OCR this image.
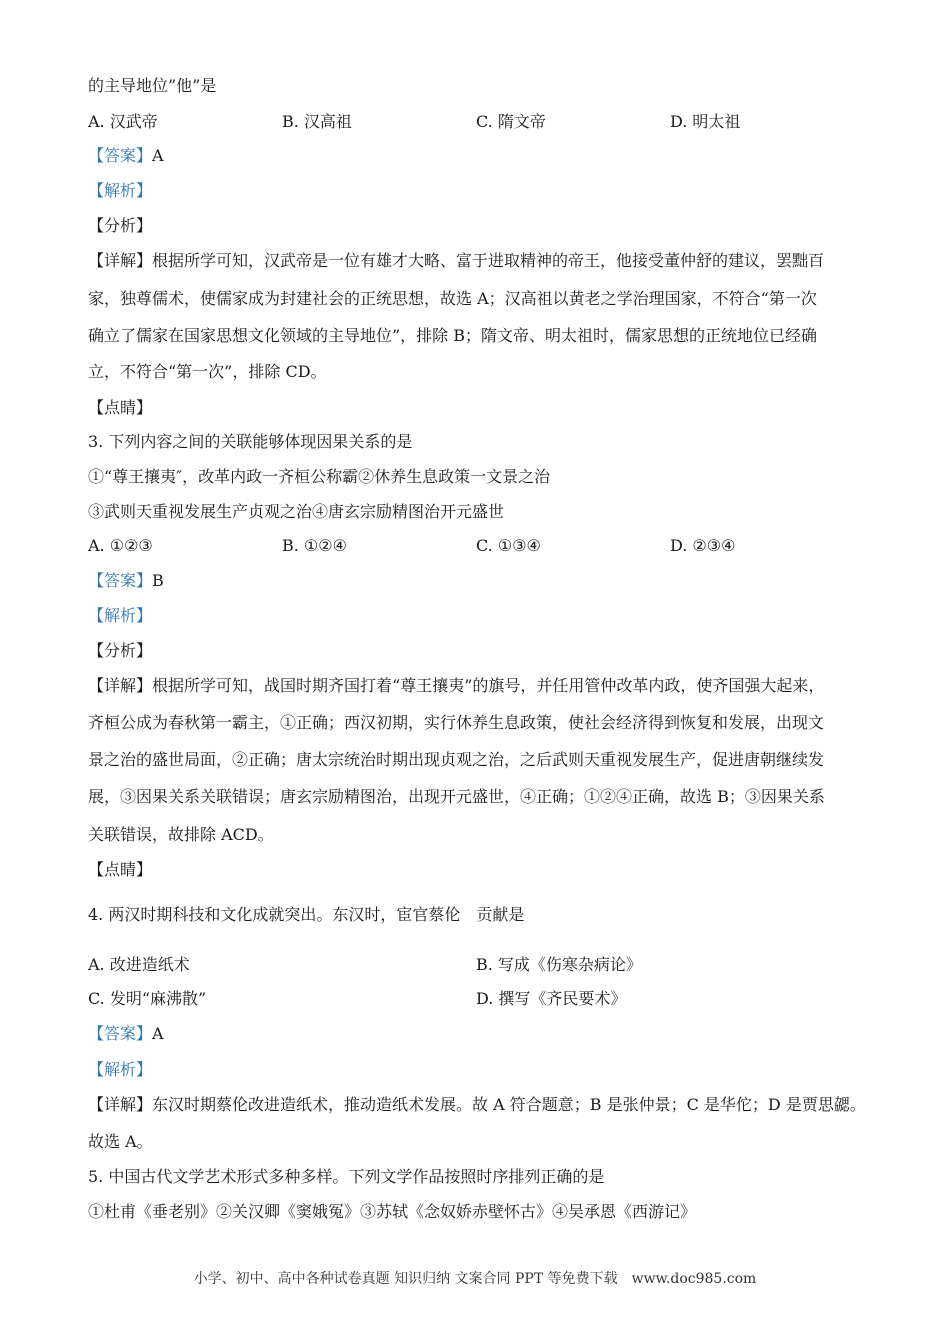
的主导地位”他”是
A. 汉武帝	B. 汉高祖	C. 隋文帝	D. 明太祖
【答案】A
【解析】
【分析】
【详解】根据所学可知，汉武帝是一位有雄才大略、富于进取精神的帝王，他接受董仲舒的建议，罢黜百
家，独尊儒术，使儒家成为封建社会的正统思想，故选 A；汉高祖以黄老之学治理国家，不符合“第一次
确立了儒家在国家思想文化领域的主导地位”，排除 B；隋文帝、明太祖时，儒家思想的正统地位已经确
立，不符合“第一次”，排除 CD。
【点睛】
3. 下列内容之间的关联能够体现因果关系的是
①“尊王攘夷″，改革内政一齐桓公称霸②休养生息政策一文景之治
③武则天重视发展生产贞观之治④唐玄宗励精图治开元盛世
A. ①②③	B. ①②④	C. ①③④	D. ②③④
【答案】B
【解析】
【分析】
【详解】根据所学可知，战国时期齐国打着“尊王攘夷”的旗号，并任用管仲改革内政，使齐国强大起来，
齐桓公成为春秋第一霸主，①正确；西汉初期，实行休养生息政策，使社会经济得到恢复和发展，出现文
景之治的盛世局面，②正确；唐太宗统治时期出现贞观之治，之后武则天重视发展生产，促进唐朝继续发
展，③因果关系关联错误；唐玄宗励精图治，出现开元盛世，④正确；①②④正确，故选 B；③因果关系
关联错误，故排除 ACD。
【点睛】
4. 两汉时期科技和文化成就突出。东汉时，宦官蔡伦　贡献是
A. 改进造纸术	B. 写成《伤寒杂病论》
C. 发明“麻沸散”	D. 撰写《齐民要术》
【答案】A
【解析】
【详解】东汉时期蔡伦改进造纸术，推动造纸术发展。故 A 符合题意；B 是张仲景；C 是华佗；D 是贾思勰。
故选 A。
5. 中国古代文学艺术形式多种多样。下列文学作品按照时序排列正确的是
①杜甫《垂老别》②关汉卿《窦娥冤》③苏轼《念奴娇赤壁怀古》④吴承恩《西游记》
小学、初中、高中各种试卷真题 知识归纳 文案合同 PPT 等免费下载　www.doc985.com
